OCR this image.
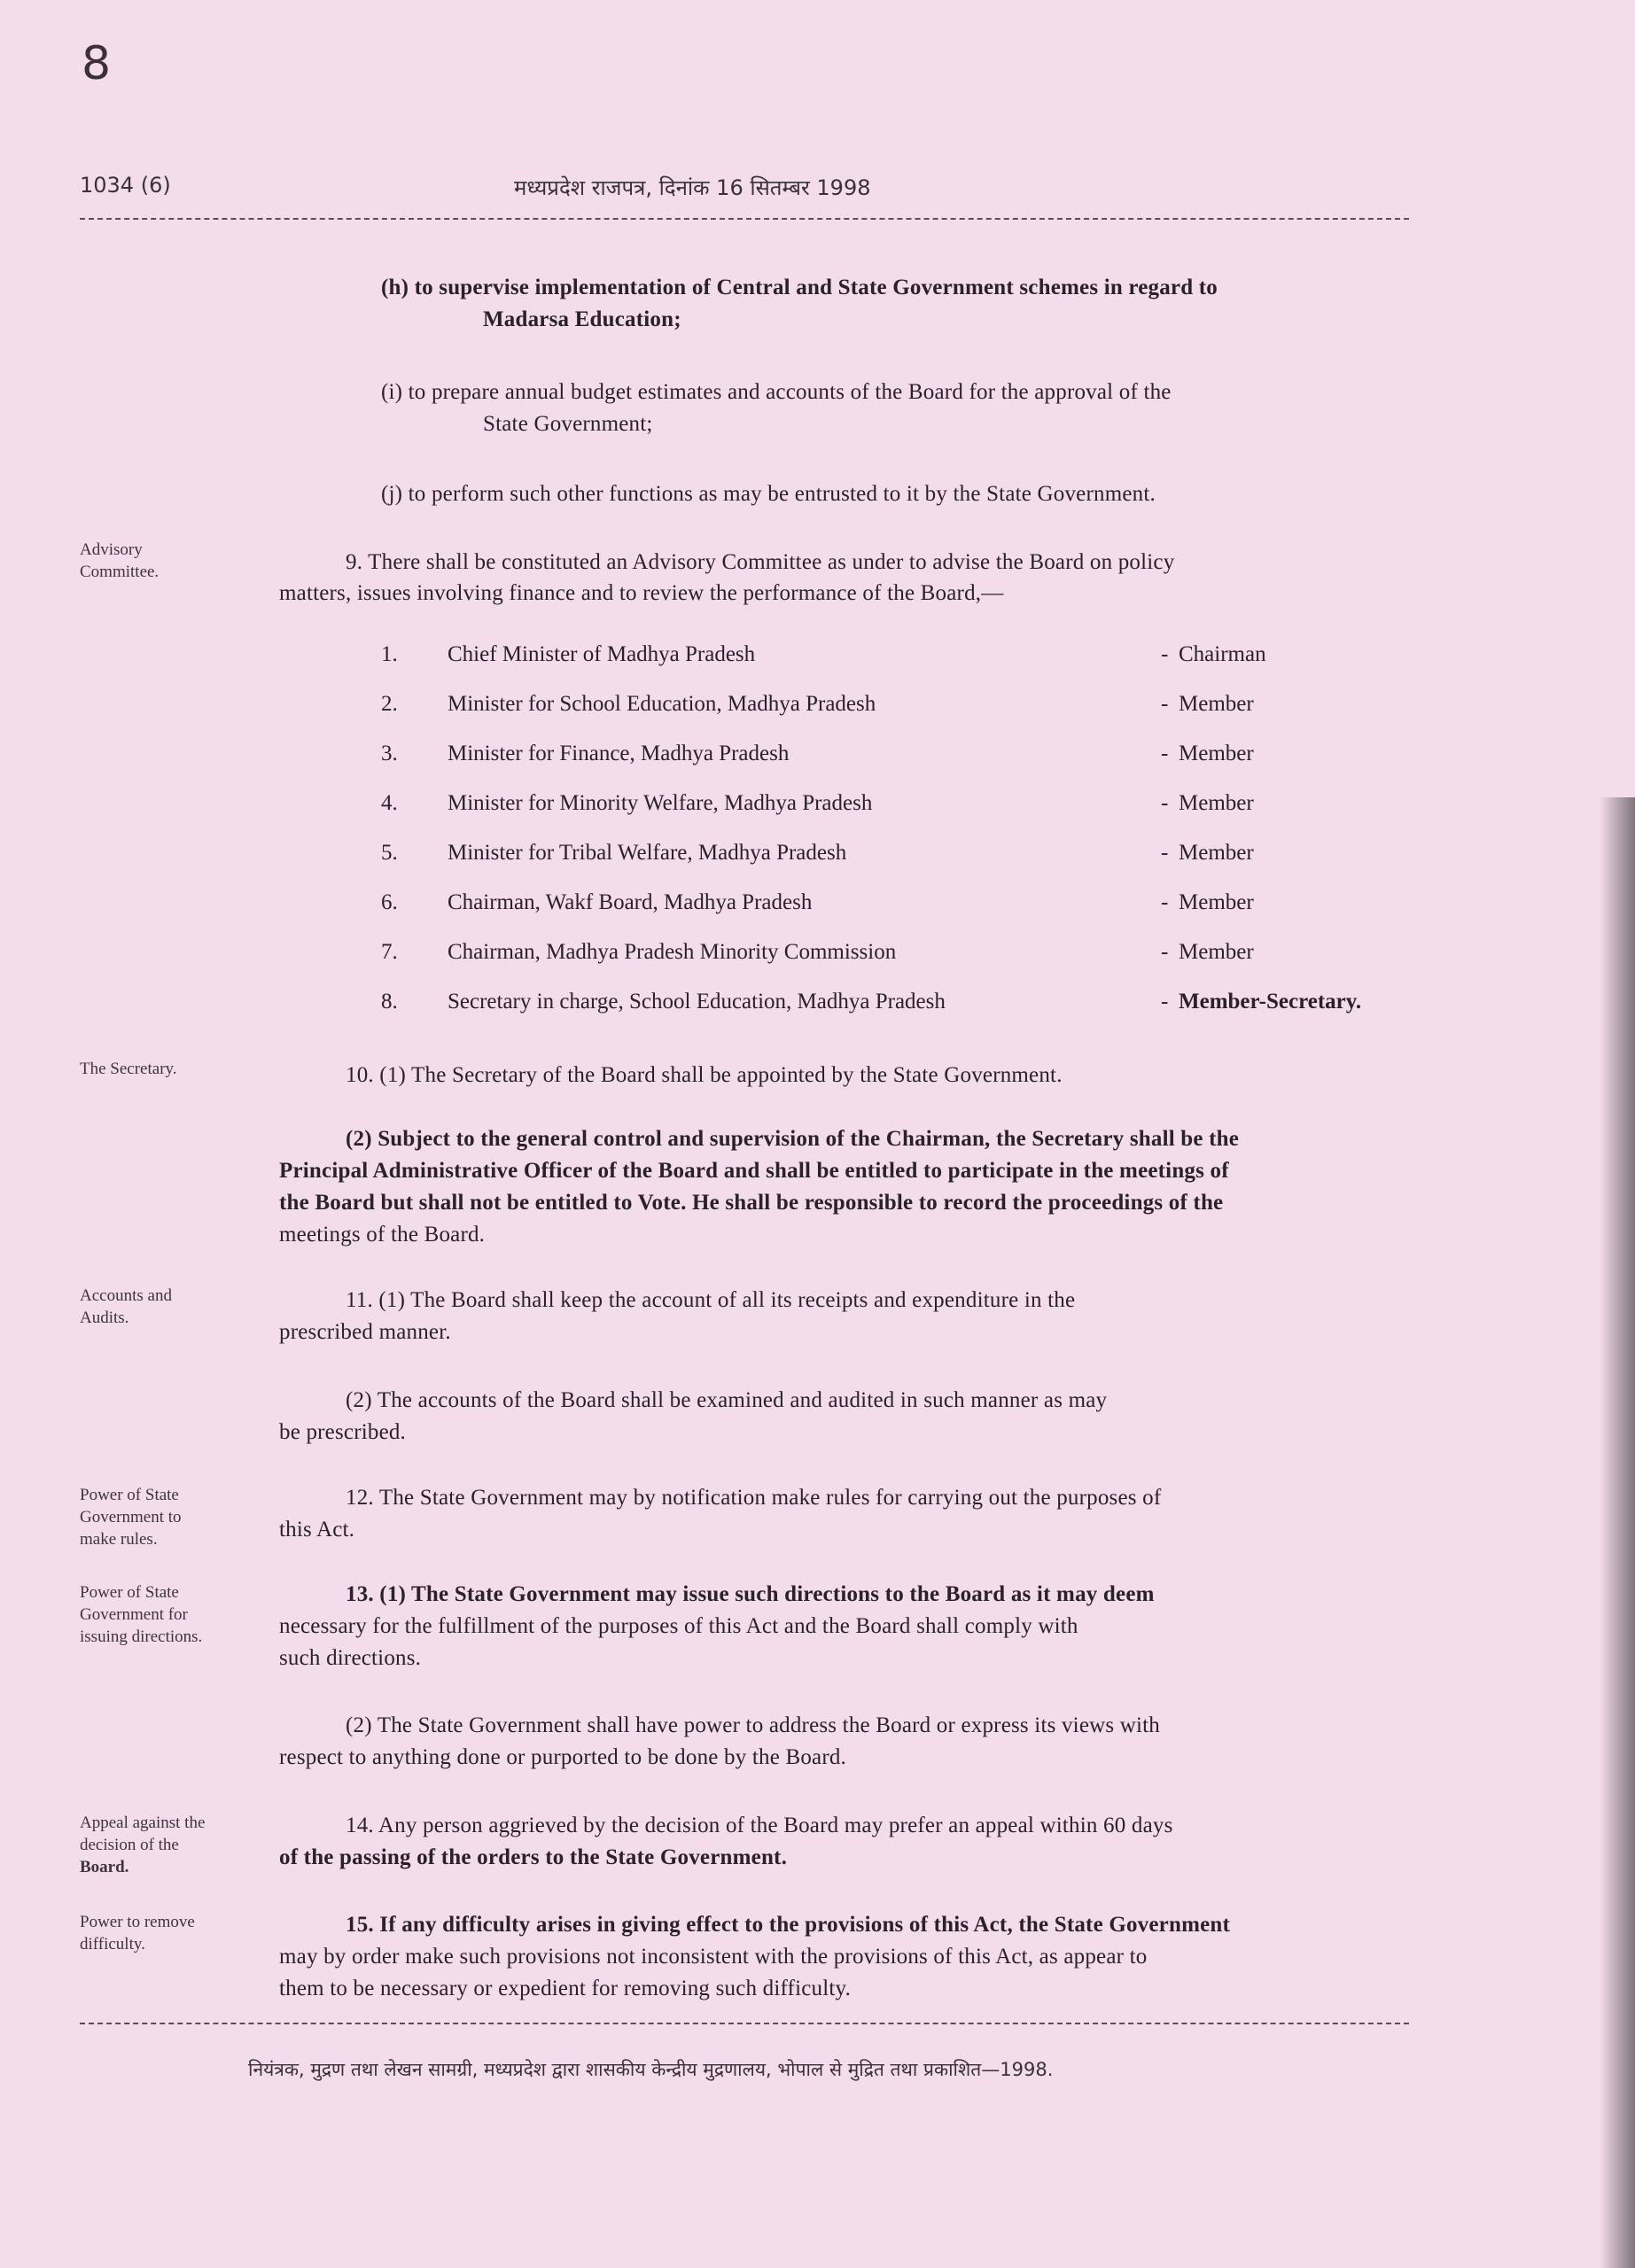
8
1034 (6)	मध्यप्रदेश राजपत्र, दिनांक 16 सितम्बर 1998
(h) to supervise implementation of Central and State Government schemes in regard to
Madarsa Education;
(i) to prepare annual budget estimates and accounts of the Board for the approval of the
State Government;
(j) to perform such other functions as may be entrusted to it by the State Government.
Advisory
Committee.	9. There shall be constituted an Advisory Committee as under to advise the Board on policy
matters, issues involving finance and to review the performance of the Board,—
1.	Chief Minister of Madhya Pradesh	- Chairman
2.	Minister for School Education, Madhya Pradesh	- Member
3.	Minister for Finance, Madhya Pradesh	- Member
4.	Minister for Minority Welfare, Madhya Pradesh	- Member
5.	Minister for Tribal Welfare, Madhya Pradesh	- Member
6.	Chairman, Wakf Board, Madhya Pradesh	- Member
7.	Chairman, Madhya Pradesh Minority Commission	- Member
8.	Secretary in charge, School Education, Madhya Pradesh	- Member-Secretary.
The Secretary.	10. (1) The Secretary of the Board shall be appointed by the State Government.
(2) Subject to the general control and supervision of the Chairman, the Secretary shall be the
Principal Administrative Officer of the Board and shall be entitled to participate in the meetings of
the Board but shall not be entitled to Vote. He shall be responsible to record the proceedings of the
meetings of the Board.
Accounts and
Audits.
11. (1) The Board shall keep the account of all its receipts and expenditure in the
prescribed manner.
(2) The accounts of the Board shall be examined and audited in such manner as may
be prescribed.
Power of State
Government to
make rules.
12. The State Government may by notification make rules for carrying out the purposes of
this Act.
Power of State
Government for
issuing directions.
13. (1) The State Government may issue such directions to the Board as it may deem
necessary for the fulfillment of the purposes of this Act and the Board shall comply with
such directions.
(2) The State Government shall have power to address the Board or express its views with
respect to anything done or purported to be done by the Board.
Appeal against the
decision of the
Board.
14. Any person aggrieved by the decision of the Board may prefer an appeal within 60 days
of the passing of the orders to the State Government.
Power to remove
difficulty.
15. If any difficulty arises in giving effect to the provisions of this Act, the State Government
may by order make such provisions not inconsistent with the provisions of this Act, as appear to
them to be necessary or expedient for removing such difficulty.
नियंत्रक, मुद्रण तथा लेखन सामग्री, मध्यप्रदेश द्वारा शासकीय केन्द्रीय मुद्रणालय, भोपाल से मुद्रित तथा प्रकाशित—1998.
